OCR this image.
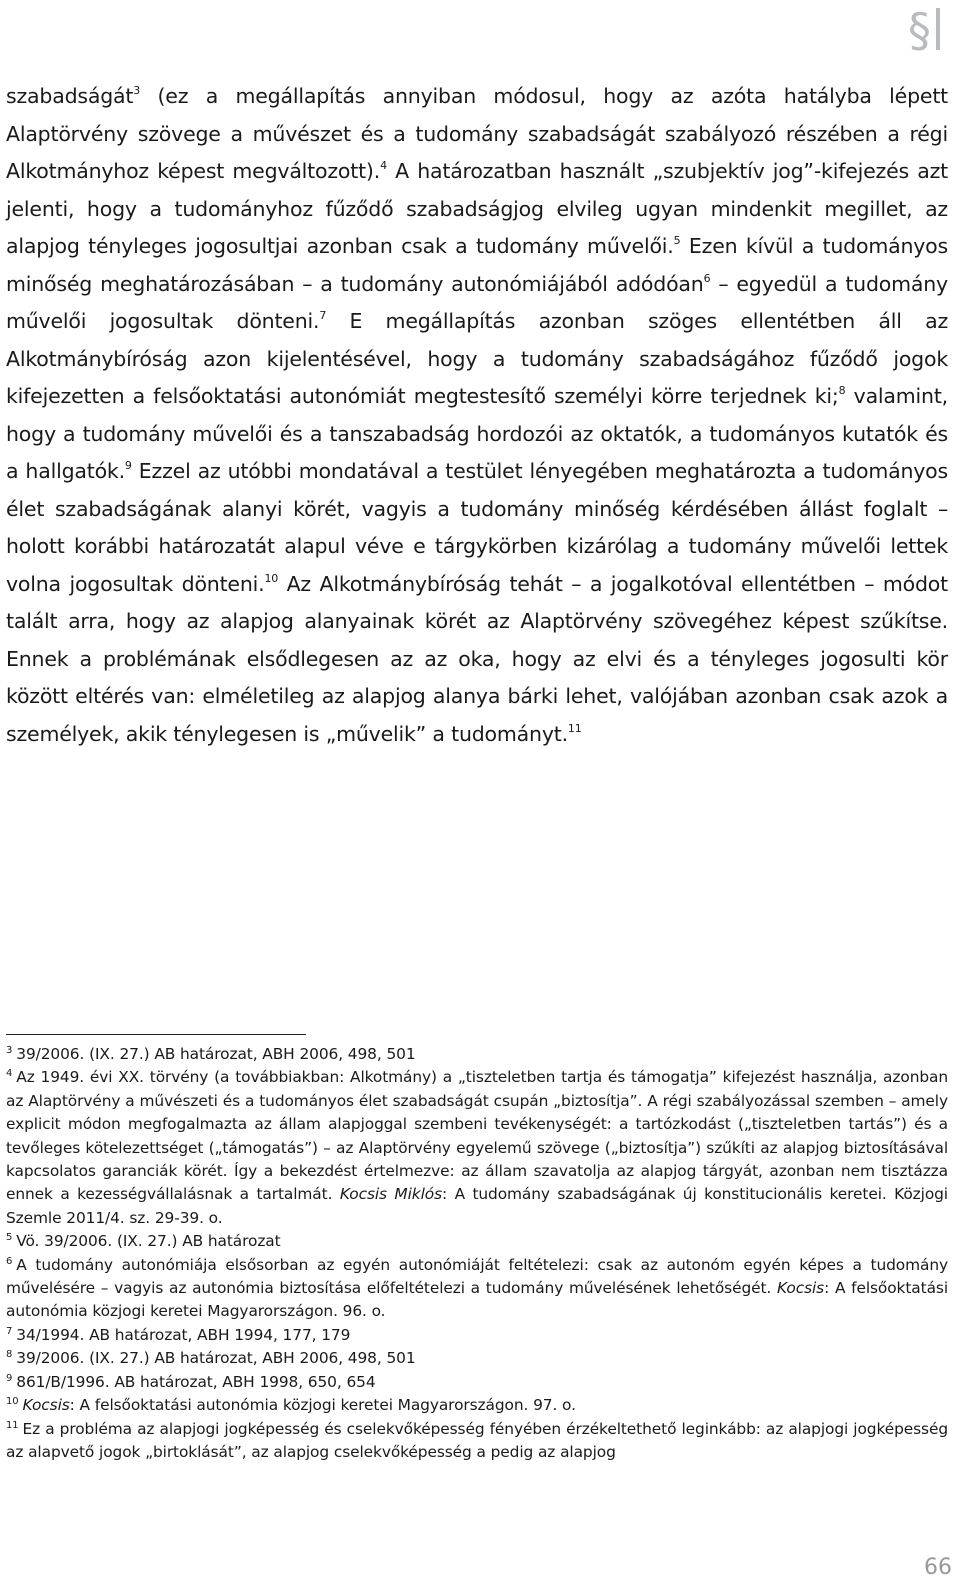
§

szabadságát$^3$ (ez a megállapítás annyiban módosul, hogy az azóta hatályba lépett Alaptörvény szövege a művészet és a tudomány szabadságát szabályozó részében a régi Alkotmányhoz képest megváltozott).$^4$ A határozatban használt „szubjektív jog”-kifejezés azt jelenti, hogy a tudományhoz fűződő szabadságjog elvileg ugyan mindenkit megillet, az alapjog tényleges jogosultjai azonban csak a tudomány művelői.$^5$ Ezen kívül a tudományos minőség meghatározásában – a tudomány autonómiájából adódóan$^6$ – egyedül a tudomány művelői jogosultak dönteni.$^7$ E megállapítás azonban szöges ellentétben áll az Alkotmánybíróság azon kijelentésével, hogy a tudomány szabadságához fűződő jogok kifejezetten a felsőoktatási autonómiát megtestesítő személyi körre terjednek ki;$^8$ valamint, hogy a tudomány művelői és a tanszabadság hordozói az oktatók, a tudományos kutatók és a hallgatók.$^9$ Ezzel az utóbbi mondatával a testület lényegében meghatározta a tudományos élet szabadságának alanyi körét, vagyis a tudomány minőség kérdésében állást foglalt – holott korábbi határozatát alapul véve e tárgykörben kizárólag a tudomány művelői lettek volna jogosultak dönteni.$^{10}$ Az Alkotmánybíróság tehát – a jogalkotóval ellentétben – módot talált arra, hogy az alapjog alanyainak körét az Alaptörvény szövegéhez képest szűkítse. Ennek a problémának elsődlegesen az az oka, hogy az elvi és a tényleges jogosulti kör között eltérés van: elméletileg az alapjog alanya bárki lehet, valójában azonban csak azok a személyek, akik ténylegesen is „művelik” a tudományt.$^{11}$

$^3$ 39/2006. (IX. 27.) AB határozat, ABH 2006, 498, 501

$^4$ Az 1949. évi XX. törvény (a továbbiakban: Alkotmány) a „tiszteletben tartja és támogatja” kifejezést használja, azonban az Alaptörvény a művészeti és a tudományos élet szabadságát csupán „biztosítja”. A régi szabályozással szemben – amely explicit módon megfogalmazta az állam alapjoggal szembeni tevékenységét: a tartózkodást („tiszteletben tartás”) és a tevőleges kötelezettséget („támogatás”) – az Alaptörvény egyelemű szövege („biztosítja”) szűkíti az alapjog biztosításával kapcsolatos garanciák körét. Így a bekezdést értelmezve: az állam szavatolja az alapjog tárgyát, azonban nem tisztázza ennek a kezességvállalásnak a tartalmát. Kocsis Miklós: A tudomány szabadságának új konstitucionális keretei. Közjogi Szemle 2011/4. sz. 29-39. o.

$^5$ Vö. 39/2006. (IX. 27.) AB határozat

$^6$ A tudomány autonómiája elsősorban az egyén autonómiáját feltételezi: csak az autonóm egyén képes a tudomány művelésére – vagyis az autonómia biztosítása előfeltételezi a tudomány művelésének lehetőségét. Kocsis: A felsőoktatási autonómia közjogi keretei Magyarországon. 96. o.

$^7$ 34/1994. AB határozat, ABH 1994, 177, 179

$^8$ 39/2006. (IX. 27.) AB határozat, ABH 2006, 498, 501

$^9$ 861/B/1996. AB határozat, ABH 1998, 650, 654

$^{10}$ Kocsis: A felsőoktatási autonómia közjogi keretei Magyarországon. 97. o.

$^{11}$ Ez a probléma az alapjogi jogképesség és cselekvőképesség fényében érzékeltethető leginkább: az alapjogi jogképesség az alapvető jogok „birtoklását”, az alapjog cselekvőképesség a pedig az alapjog

66
